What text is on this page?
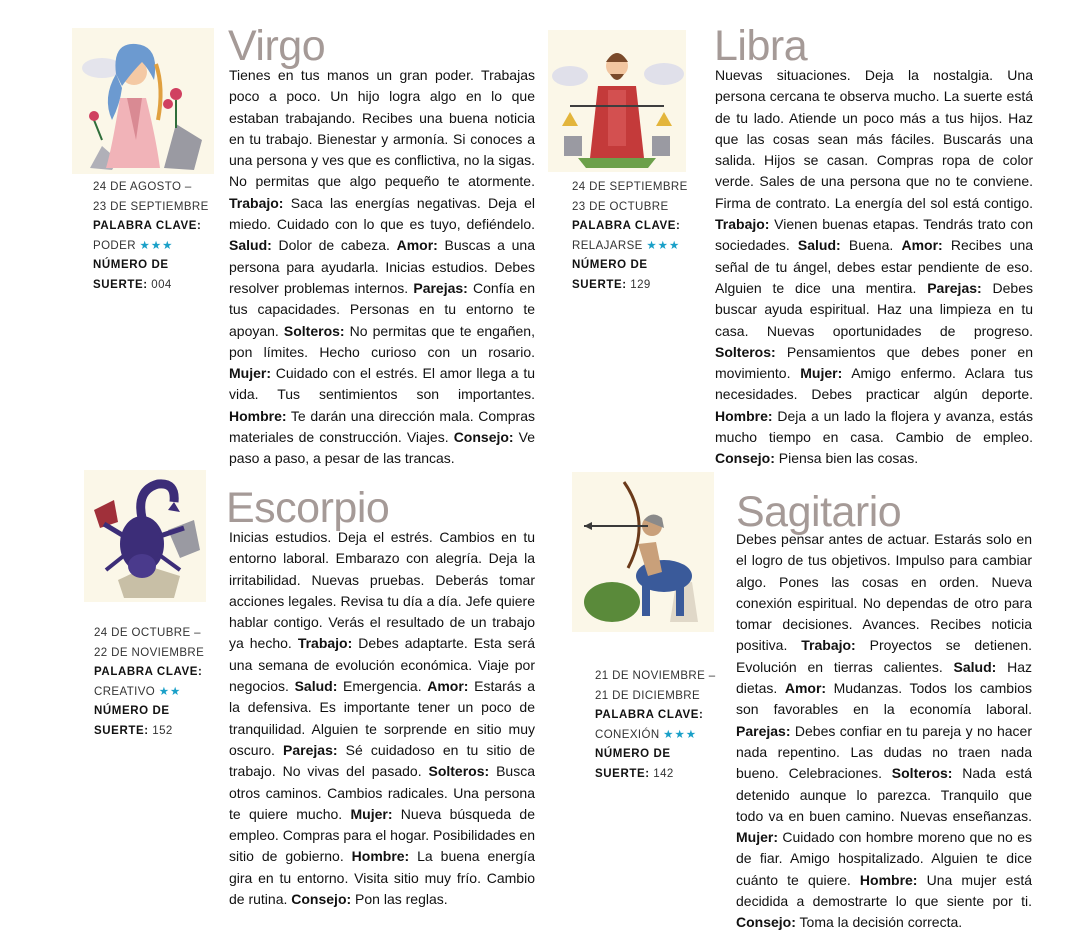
24 DE AGOSTO –
23 DE SEPTIEMBRE
PALABRA CLAVE:
PODER ★★★
NÚMERO DE
SUERTE: 004
Virgo
Tienes en tus manos un gran poder. Trabajas poco a poco. Un hijo logra algo en lo que estaban trabajando. Recibes una buena noticia en tu trabajo. Bienestar y armonía. Si conoces a una persona y ves que es conflictiva, no la sigas. No permitas que algo pequeño te atormente. Trabajo: Saca las energías negativas. Deja el miedo. Cuidado con lo que es tuyo, defiéndelo. Salud: Dolor de cabeza. Amor: Buscas a una persona para ayudarla. Inicias estudios. Debes resolver problemas internos. Parejas: Confía en tus capacidades. Personas en tu entorno te apoyan. Solteros: No permitas que te engañen, pon límites. Hecho curioso con un rosario. Mujer: Cuidado con el estrés. El amor llega a tu vida. Tus sentimientos son importantes. Hombre: Te darán una dirección mala. Compras materiales de construcción. Viajes. Consejo: Ve paso a paso, a pesar de las trancas.
24 DE SEPTIEMBRE
23 DE OCTUBRE
PALABRA CLAVE:
RELAJARSE ★★★
NÚMERO DE
SUERTE: 129
Libra
Nuevas situaciones. Deja la nostalgia. Una persona cercana te observa mucho. La suerte está de tu lado. Atiende un poco más a tus hijos. Haz que las cosas sean más fáciles. Buscarás una salida. Hijos se casan. Compras ropa de color verde. Sales de una persona que no te conviene. Firma de contrato. La energía del sol está contigo. Trabajo: Vienen buenas etapas. Tendrás trato con sociedades. Salud: Buena. Amor: Recibes una señal de tu ángel, debes estar pendiente de eso. Alguien te dice una mentira. Parejas: Debes buscar ayuda espiritual. Haz una limpieza en tu casa. Nuevas oportunidades de progreso. Solteros: Pensamientos que debes poner en movimiento. Mujer: Amigo enfermo. Aclara tus necesidades. Debes practicar algún deporte. Hombre: Deja a un lado la flojera y avanza, estás mucho tiempo en casa. Cambio de empleo. Consejo: Piensa bien las cosas.
24 DE OCTUBRE –
22 DE NOVIEMBRE
PALABRA CLAVE:
CREATIVO ★★
NÚMERO DE
SUERTE: 152
Escorpio
Inicias estudios. Deja el estrés. Cambios en tu entorno laboral. Embarazo con alegría. Deja la irritabilidad. Nuevas pruebas. Deberás tomar acciones legales. Revisa tu día a día. Jefe quiere hablar contigo. Verás el resultado de un trabajo ya hecho. Trabajo: Debes adaptarte. Esta será una semana de evolución económica. Viaje por negocios. Salud: Emergencia. Amor: Estarás a la defensiva. Es importante tener un poco de tranquilidad. Alguien te sorprende en sitio muy oscuro. Parejas: Sé cuidadoso en tu sitio de trabajo. No vivas del pasado. Solteros: Busca otros caminos. Cambios radicales. Una persona te quiere mucho. Mujer: Nueva búsqueda de empleo. Compras para el hogar. Posibilidades en sitio de gobierno. Hombre: La buena energía gira en tu entorno. Visita sitio muy frío. Cambio de rutina. Consejo: Pon las reglas.
21 DE NOVIEMBRE –
21 DE DICIEMBRE
PALABRA CLAVE:
CONEXIÓN ★★★
NÚMERO DE
SUERTE: 142
Sagitario
Debes pensar antes de actuar. Estarás solo en el logro de tus objetivos. Impulso para cambiar algo. Pones las cosas en orden. Nueva conexión espiritual. No dependas de otro para tomar decisiones. Avances. Recibes noticia positiva. Trabajo: Proyectos se detienen. Evolución en tierras calientes. Salud: Haz dietas. Amor: Mudanzas. Todos los cambios son favorables en la economía laboral. Parejas: Debes confiar en tu pareja y no hacer nada repentino. Las dudas no traen nada bueno. Celebraciones. Solteros: Nada está detenido aunque lo parezca. Tranquilo que todo va en buen camino. Nuevas enseñanzas. Mujer: Cuidado con hombre moreno que no es de fiar. Amigo hospitalizado. Alguien te dice cuánto te quiere. Hombre: Una mujer está decidida a demostrarte lo que siente por ti. Consejo: Toma la decisión correcta.
